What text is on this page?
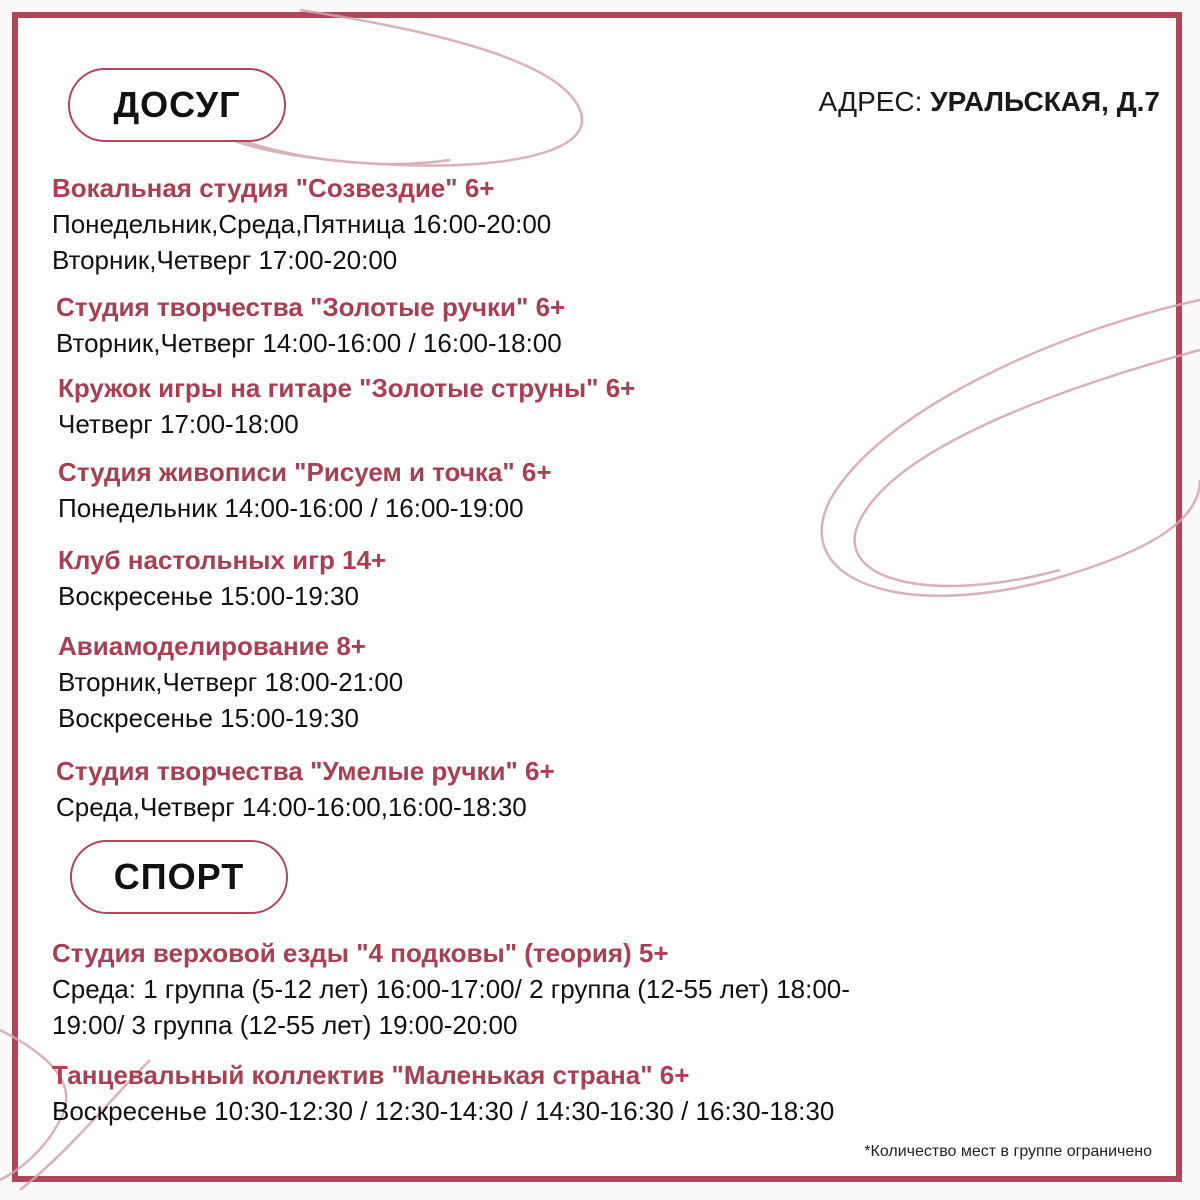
ДОСУГ	АДРЕС: УРАЛЬСКАЯ, Д.7
Вокальная студия "Созвездие" 6+
Понедельник,Среда,Пятница 16:00-20:00
Вторник,Четверг 17:00-20:00
Студия творчества "Золотые ручки" 6+
Вторник,Четверг 14:00-16:00 / 16:00-18:00
Кружок игры на гитаре "Золотые струны" 6+
Четверг 17:00-18:00
Студия живописи "Рисуем и точка" 6+
Понедельник 14:00-16:00 / 16:00-19:00
Клуб настольных игр 14+
Воскресенье 15:00-19:30
Авиамоделирование 8+
Вторник,Четверг 18:00-21:00
Воскресенье 15:00-19:30
Студия творчества "Умелые ручки" 6+
Среда,Четверг 14:00-16:00,16:00-18:30
СПОРТ
Студия верховой езды "4 подковы" (теория) 5+
Среда: 1 группа (5-12 лет) 16:00-17:00/ 2 группа (12-55 лет) 18:00-
19:00/ 3 группа (12-55 лет) 19:00-20:00
Танцевальный коллектив "Маленькая страна" 6+
Воскресенье 10:30-12:30 / 12:30-14:30 / 14:30-16:30 / 16:30-18:30
*Количество мест в группе ограничено
